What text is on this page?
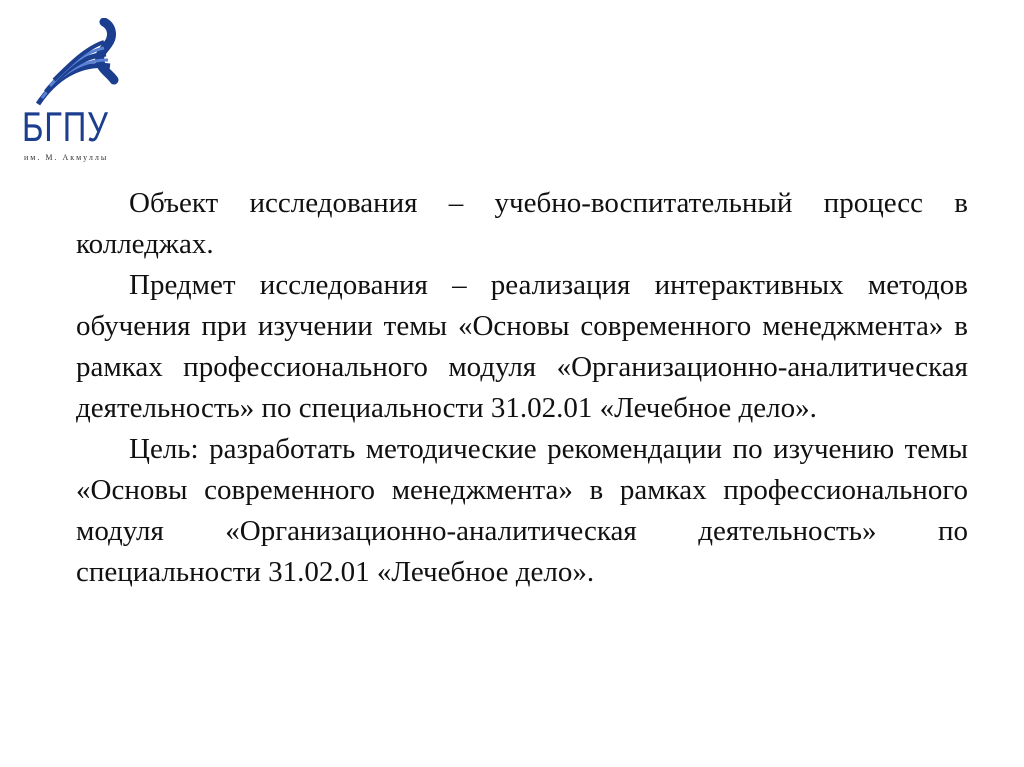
БГПУ
им. М. Акмуллы

Объект исследования – учебно-воспитательный процесс в колледжах.

Предмет исследования – реализация интерактивных методов обучения при изучении темы «Основы современного менеджмента» в рамках профессионального модуля «Организационно-аналитическая деятельность» по специальности 31.02.01 «Лечебное дело».

Цель: разработать методические рекомендации по изучению темы «Основы современного менеджмента» в рамках профессионального модуля «Организационно-аналитическая деятельность» по специальности 31.02.01 «Лечебное дело».
